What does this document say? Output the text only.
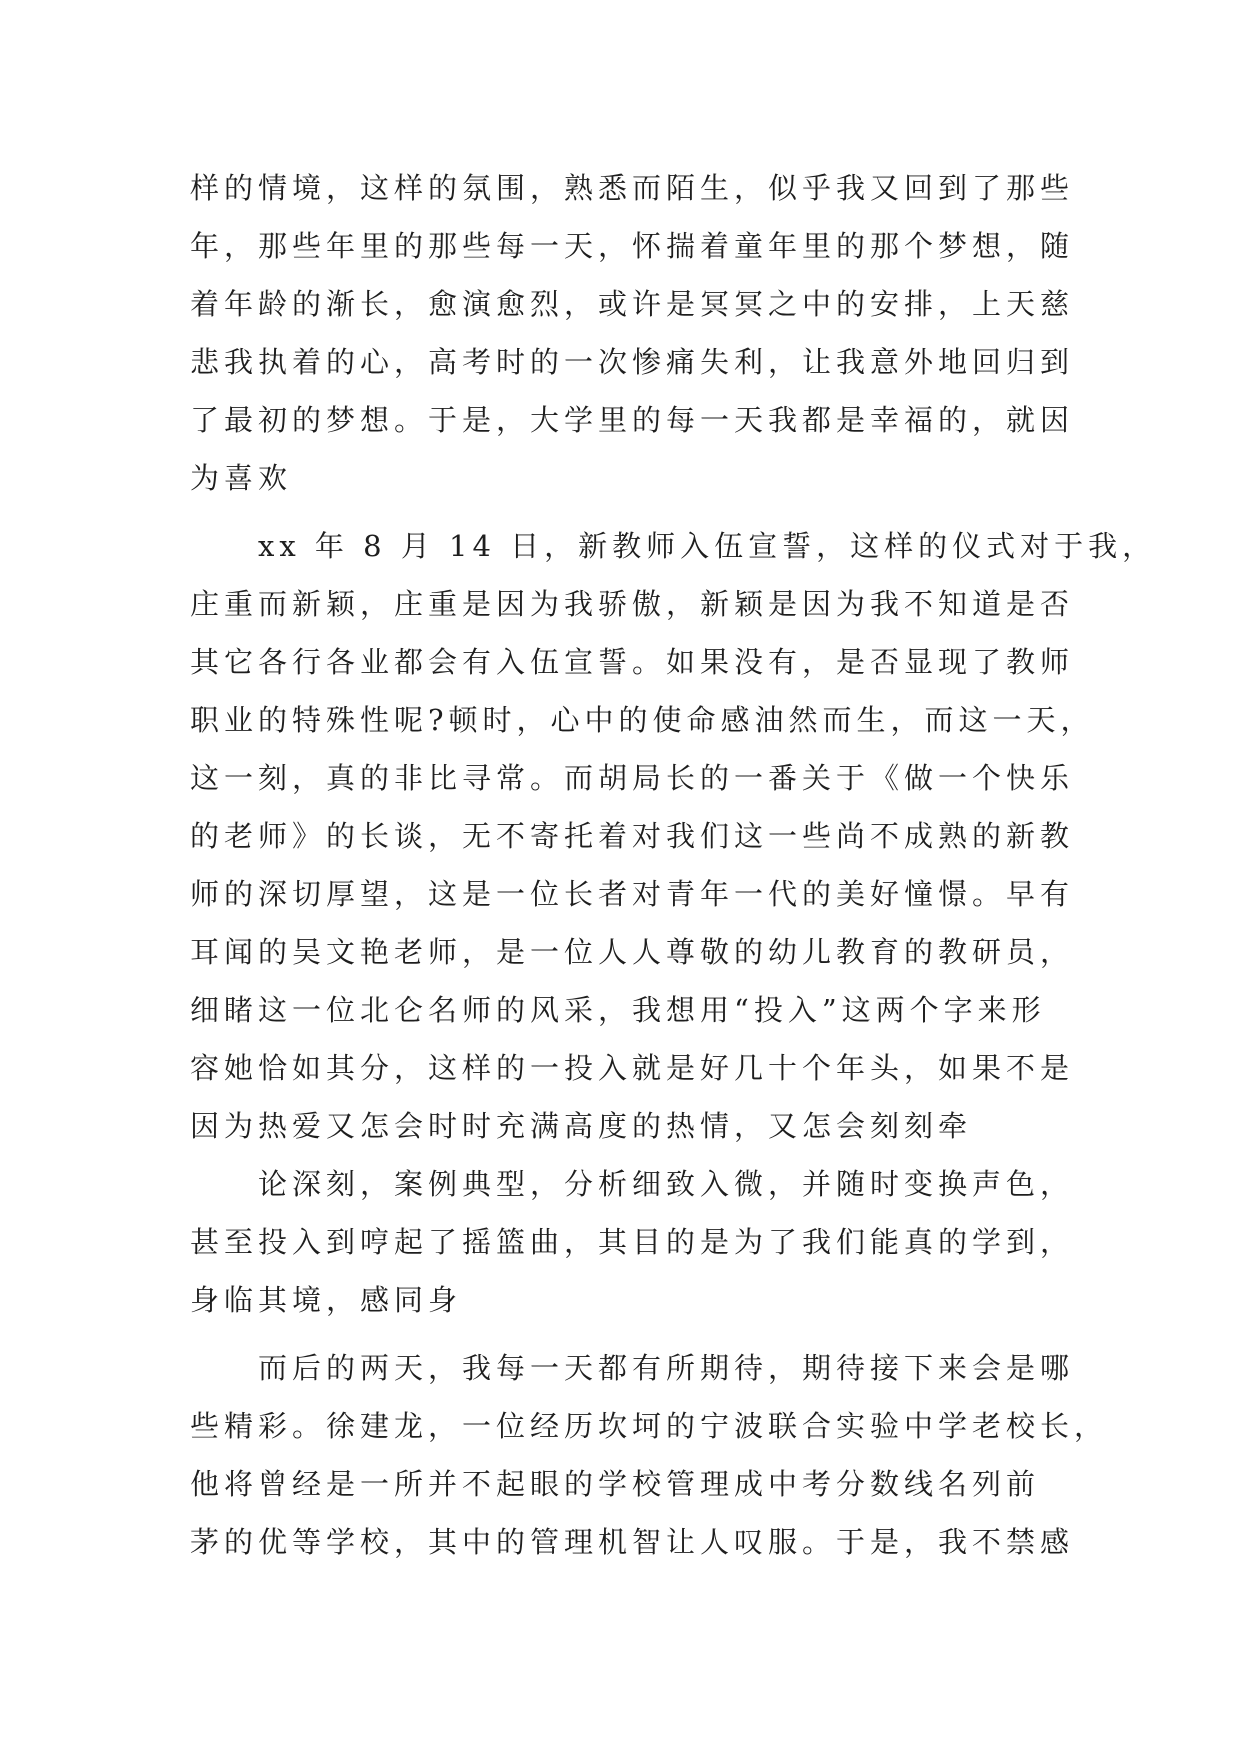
样的情境，这样的氛围，熟悉而陌生，似乎我又回到了那些
年，那些年里的那些每一天，怀揣着童年里的那个梦想，随
着年龄的渐长，愈演愈烈，或许是冥冥之中的安排，上天慈
悲我执着的心，高考时的一次惨痛失利，让我意外地回归到
了最初的梦想。于是，大学里的每一天我都是幸福的，就因
为喜欢
xx 年 8 月 14 日，新教师入伍宣誓，这样的仪式对于我，
庄重而新颖，庄重是因为我骄傲，新颖是因为我不知道是否
其它各行各业都会有入伍宣誓。如果没有，是否显现了教师
职业的特殊性呢?顿时，心中的使命感油然而生，而这一天，
这一刻，真的非比寻常。而胡局长的一番关于《做一个快乐
的老师》的长谈，无不寄托着对我们这一些尚不成熟的新教
师的深切厚望，这是一位长者对青年一代的美好憧憬。早有
耳闻的吴文艳老师，是一位人人尊敬的幼儿教育的教研员，
细睹这一位北仑名师的风采，我想用“投入”这两个字来形
容她恰如其分，这样的一投入就是好几十个年头，如果不是
因为热爱又怎会时时充满高度的热情，又怎会刻刻牵
论深刻，案例典型，分析细致入微，并随时变换声色，
甚至投入到哼起了摇篮曲，其目的是为了我们能真的学到，
身临其境，感同身
而后的两天，我每一天都有所期待，期待接下来会是哪
些精彩。徐建龙，一位经历坎坷的宁波联合实验中学老校长，
他将曾经是一所并不起眼的学校管理成中考分数线名列前
茅的优等学校，其中的管理机智让人叹服。于是，我不禁感
